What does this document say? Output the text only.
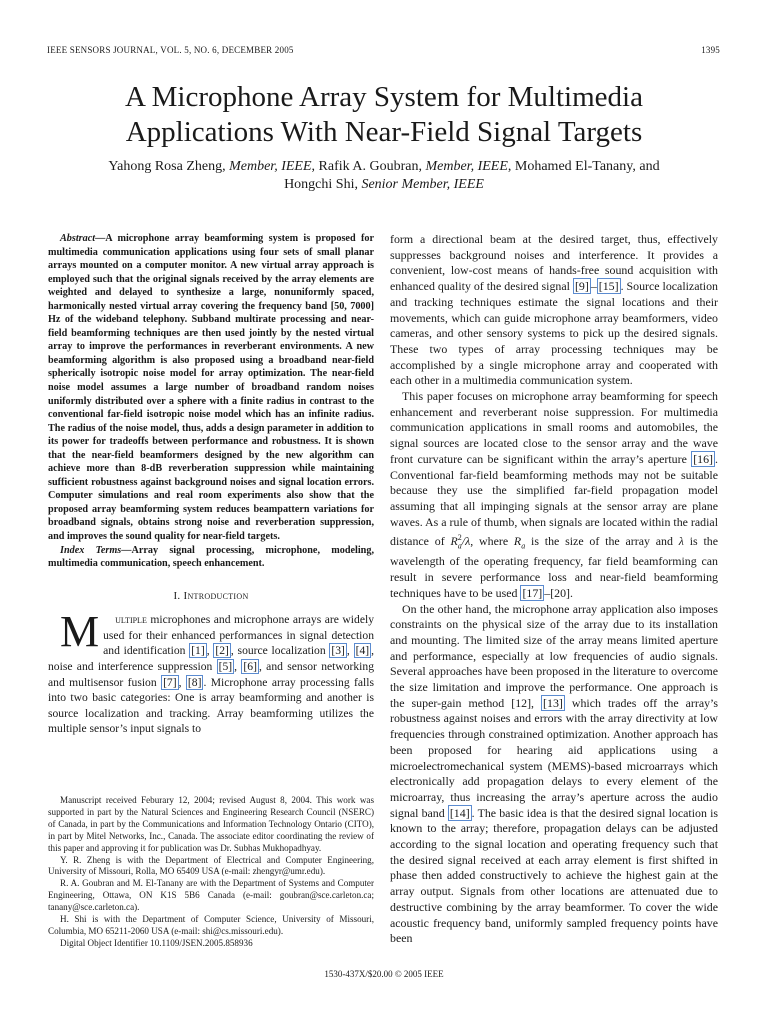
IEEE SENSORS JOURNAL, VOL. 5, NO. 6, DECEMBER 2005	1395
A Microphone Array System for Multimedia
Applications With Near-Field Signal Targets
Yahong Rosa Zheng, Member, IEEE, Rafik A. Goubran, Member, IEEE, Mohamed El-Tanany, and
Hongchi Shi, Senior Member, IEEE

Abstract—A microphone array beamforming system is proposed for multimedia communication applications using four sets of small planar arrays mounted on a computer monitor. A new virtual array approach is employed such that the original signals received by the array elements are weighted and delayed to synthesize a large, nonuniformly spaced, harmonically nested virtual array covering the frequency band [50, 7000] Hz of the wideband telephony. Subband multirate processing and near-field beamforming techniques are then used jointly by the nested virtual array to improve the performances in reverberant environments. A new beamforming algorithm is also proposed using a broadband near-field spherically isotropic noise model for array optimization. The near-field noise model assumes a large number of broadband random noises uniformly distributed over a sphere with a finite radius in contrast to the conventional far-field isotropic noise model which has an infinite radius. The radius of the noise model, thus, adds a design parameter in addition to its power for tradeoffs between performance and robustness. It is shown that the near-field beamformers designed by the new algorithm can achieve more than 8-dB reverberation suppression while maintaining sufficient robustness against background noises and signal location errors. Computer simulations and real room experiments also show that the proposed array beamforming system reduces beampattern variations for broadband signals, obtains strong noise and reverberation suppression, and improves the sound quality for near-field targets.

Index Terms—Array signal processing, microphone, modeling, multimedia communication, speech enhancement.

I. Introduction

M ultiple microphones and microphone arrays are widely used for their enhanced performances in signal detection and identification [1] , [2] , source localization [3] , [4] , noise and interference suppression [5] , [6] , and sensor networking and multisensor fusion [7] , [8] . Microphone array processing falls into two basic categories: One is array beamforming and another is source localization and tracking. Array beamforming utilizes the multiple sensor’s input signals to

Manuscript received Feburary 12, 2004; revised August 8, 2004. This work was supported in part by the Natural Sciences and Engineering Research Council (NSERC) of Canada, in part by the Communications and Information Technology Ontario (CITO), in part by Mitel Networks, Inc., Canada. The associate editor coordinating the review of this paper and approving it for publication was Dr. Subhas Mukhopadhyay.

Y. R. Zheng is with the Department of Electrical and Computer Engineering, University of Missouri, Rolla, MO 65409 USA (e-mail: zhengyr@umr.edu).

R. A. Goubran and M. El-Tanany are with the Department of Systems and Computer Engineering, Ottawa, ON K1S 5B6 Canada (e-mail: goubran@sce.carleton.ca; tanany@sce.carleton.ca).

H. Shi is with the Department of Computer Science, University of Missouri, Columbia, MO 65211-2060 USA (e-mail: shi@cs.missouri.edu).

Digital Object Identifier 10.1109/JSEN.2005.858936

form a directional beam at the desired target, thus, effectively suppresses background noises and interference. It provides a convenient, low-cost means of hands-free sound acquisition with enhanced quality of the desired signal [9] – [15] . Source localization and tracking techniques estimate the signal locations and their movements, which can guide microphone array beamformers, video cameras, and other sensory systems to pick up the desired signals. These two types of array processing techniques may be accomplished by a single microphone array and cooperated with each other in a multimedia communication system.

This paper focuses on microphone array beamforming for speech enhancement and reverberant noise suppression. For multimedia communication applications in small rooms and automobiles, the signal sources are located close to the sensor array and the wave front curvature can be significant within the array’s aperture [16] . Conventional far-field beamforming methods may not be suitable because they use the simplified far-field propagation model assuming that all impinging signals at the sensor array are plane waves. As a rule of thumb, when signals are located within the radial distance of $R_a^2/\lambda$, where $R_a$ is the size of the array and λ is the wavelength of the operating frequency, far field beamforming can result in severe performance loss and near-field beamforming techniques have to be used [17] –[20].

On the other hand, the microphone array application also imposes constraints on the physical size of the array due to its installation and mounting. The limited size of the array means limited aperture and performance, especially at low frequencies of audio signals. Several approaches have been proposed in the literature to overcome the size limitation and improve the performance. One approach is the super-gain method [12], [13] which trades off the array’s robustness against noises and errors with the array directivity at low frequencies through constrained optimization. Another approach has been proposed for hearing aid applications using a microelectromechanical system (MEMS)-based microarrays which electronically add propagation delays to every element of the microarray, thus increasing the array’s aperture across the audio signal band [14] . The basic idea is that the desired signal location is known to the array; therefore, propagation delays can be adjusted according to the signal location and operating frequency such that the desired signal received at each array element is first shifted in phase then added constructively to achieve the highest gain at the array output. Signals from other locations are attenuated due to destructive combining by the array beamformer. To cover the wide acoustic frequency band, uniformly sampled frequency points have been

1530-437X/$20.00 © 2005 IEEE
